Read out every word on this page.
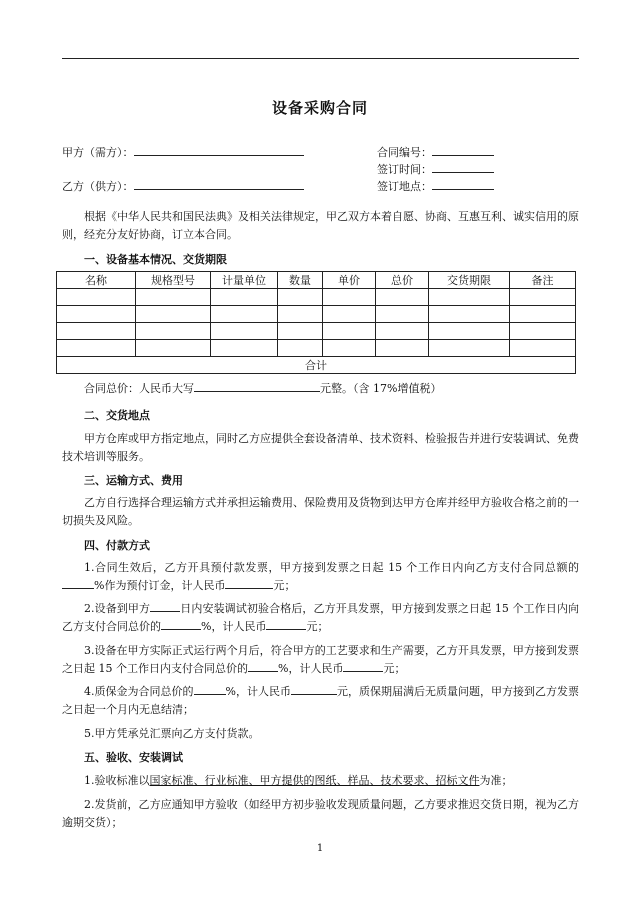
设备采购合同
甲方（需方）：
乙方（供方）：
合同编号：
签订时间：
签订地点：
根据《中华人民共和国民法典》及相关法律规定，甲乙双方本着自愿、协商、互惠互利、诚实信用的原则，经充分友好协商，订立本合同。
一、设备基本情况、交货期限
名称	规格型号	计量单位	数量	单价	总价	交货期限	备注

合计							
合同总价：人民币大写	元整。（含 17%增值税）
二、交货地点
甲方仓库或甲方指定地点，同时乙方应提供全套设备清单、技术资料、检验报告并进行安装调试、免费技术培训等服务。
三、运输方式、费用
乙方自行选择合理运输方式并承担运输费用、保险费用及货物到达甲方仓库并经甲方验收合格之前的一切损失及风险。
四、付款方式
1.合同生效后，乙方开具预付款发票，甲方接到发票之日起 15 个工作日内向乙方支付合同总额的%作为预付订金，计人民币	元；
2.设备到甲方	日内安装调试初验合格后，乙方开具发票，甲方接到发票之日起 15 个工作日内向乙方支付合同总价的	%，计人民币	元；
3.设备在甲方实际正式运行两个月后，符合甲方的工艺要求和生产需要，乙方开具发票，甲方接到发票之日起 15 个工作日内支付合同总价的	%，计人民币	元；
4.质保金为合同总价的	%，计人民币	元，质保期届满后无质量问题，甲方接到乙方发票之日起一个月内无息结清；
5.甲方凭承兑汇票向乙方支付货款。
五、验收、安装调试
1.验收标准以国家标准、行业标准、甲方提供的图纸、样品、技术要求、招标文件为准；
2.发货前，乙方应通知甲方验收（如经甲方初步验收发现质量问题，乙方要求推迟交货日期，视为乙方逾期交货）；
1
